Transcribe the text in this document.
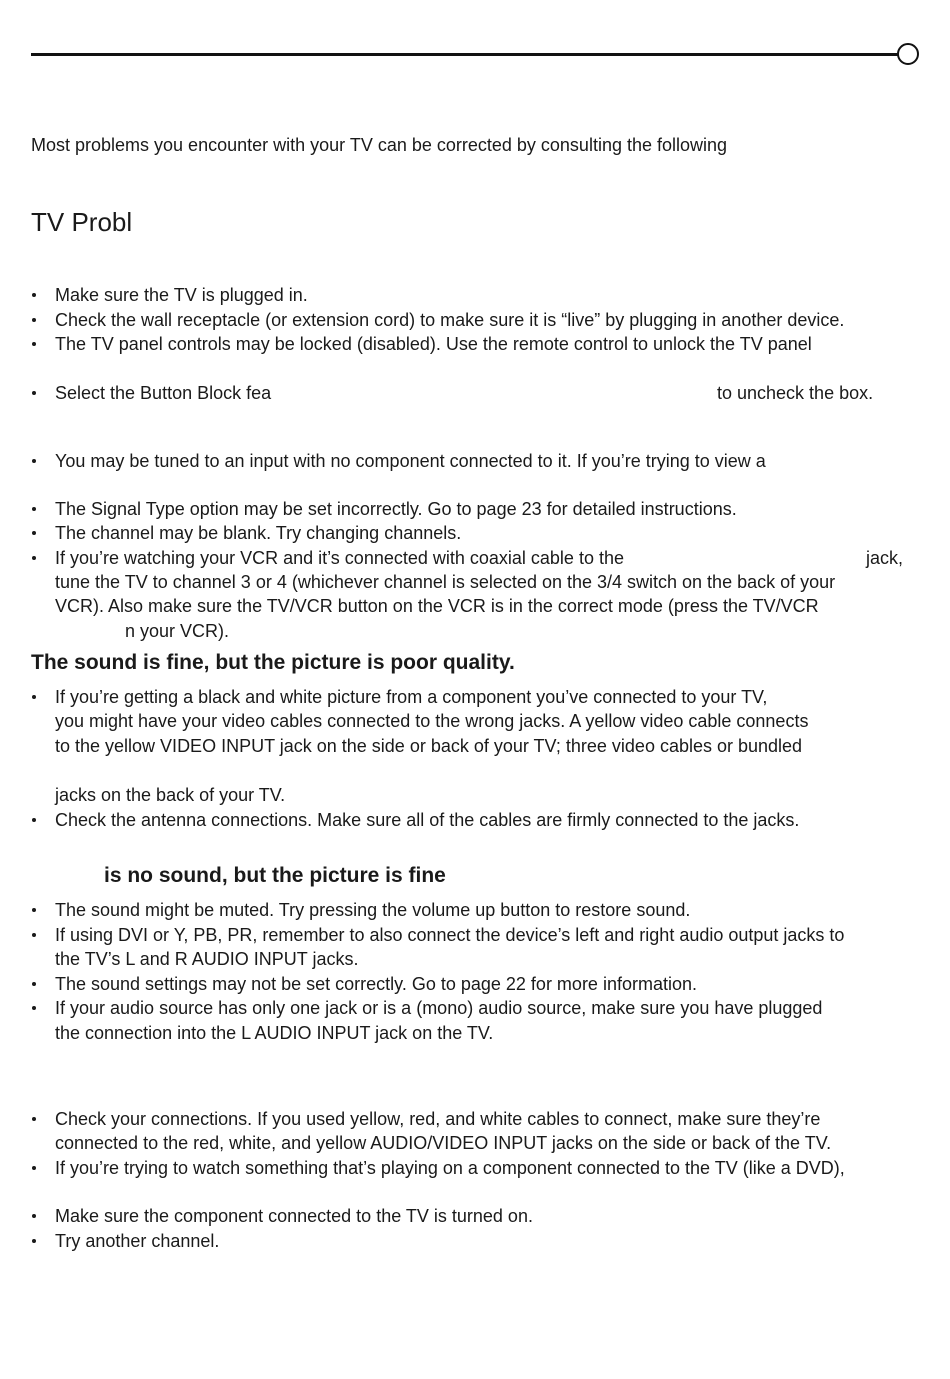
Most problems you encounter with your TV can be corrected by consulting the following
TV Probl
Make sure the TV is plugged in.
Check the wall receptacle (or extension cord) to make sure it is “live” by plugging in another device.
The TV panel controls may be locked (disabled). Use the remote control to unlock the TV panel
Select the Button Block fea	to uncheck the box.
You may be tuned to an input with no component connected to it. If you’re trying to view a
The Signal Type option may be set incorrectly. Go to page 23 for detailed instructions.
The channel may be blank. Try changing channels.
If you’re watching your VCR and it’s connected with coaxial cable to the	jack,
tune the TV to channel 3 or 4 (whichever channel is selected on the 3/4 switch on the back of your
VCR). Also make sure the TV/VCR button on the VCR is in the correct mode (press the TV/VCR
n your VCR).
The sound is fine, but the picture is poor quality.
If you’re getting a black and white picture from a component you’ve connected to your TV,
you might have your video cables connected to the wrong jacks. A yellow video cable connects
to the yellow VIDEO INPUT jack on the side or back of your TV; three video cables or bundled
jacks on the back of your TV.
Check the antenna connections. Make sure all of the cables are firmly connected to the jacks.
is no sound, but the picture is fine
The sound might be muted. Try pressing the volume up button to restore sound.
If using DVI or Y, PB, PR, remember to also connect the device’s left and right audio output jacks to
the TV’s L and R AUDIO INPUT jacks.
The sound settings may not be set correctly. Go to page 22 for more information.
If your audio source has only one jack or is a (mono) audio source, make sure you have plugged
the connection into the L AUDIO INPUT jack on the TV.
Check your connections. If you used yellow, red, and white cables to connect, make sure they’re
connected to the red, white, and yellow AUDIO/VIDEO INPUT jacks on the side or back of the TV.
If you’re trying to watch something that’s playing on a component connected to the TV (like a DVD),
Make sure the component connected to the TV is turned on.
Try another channel.
